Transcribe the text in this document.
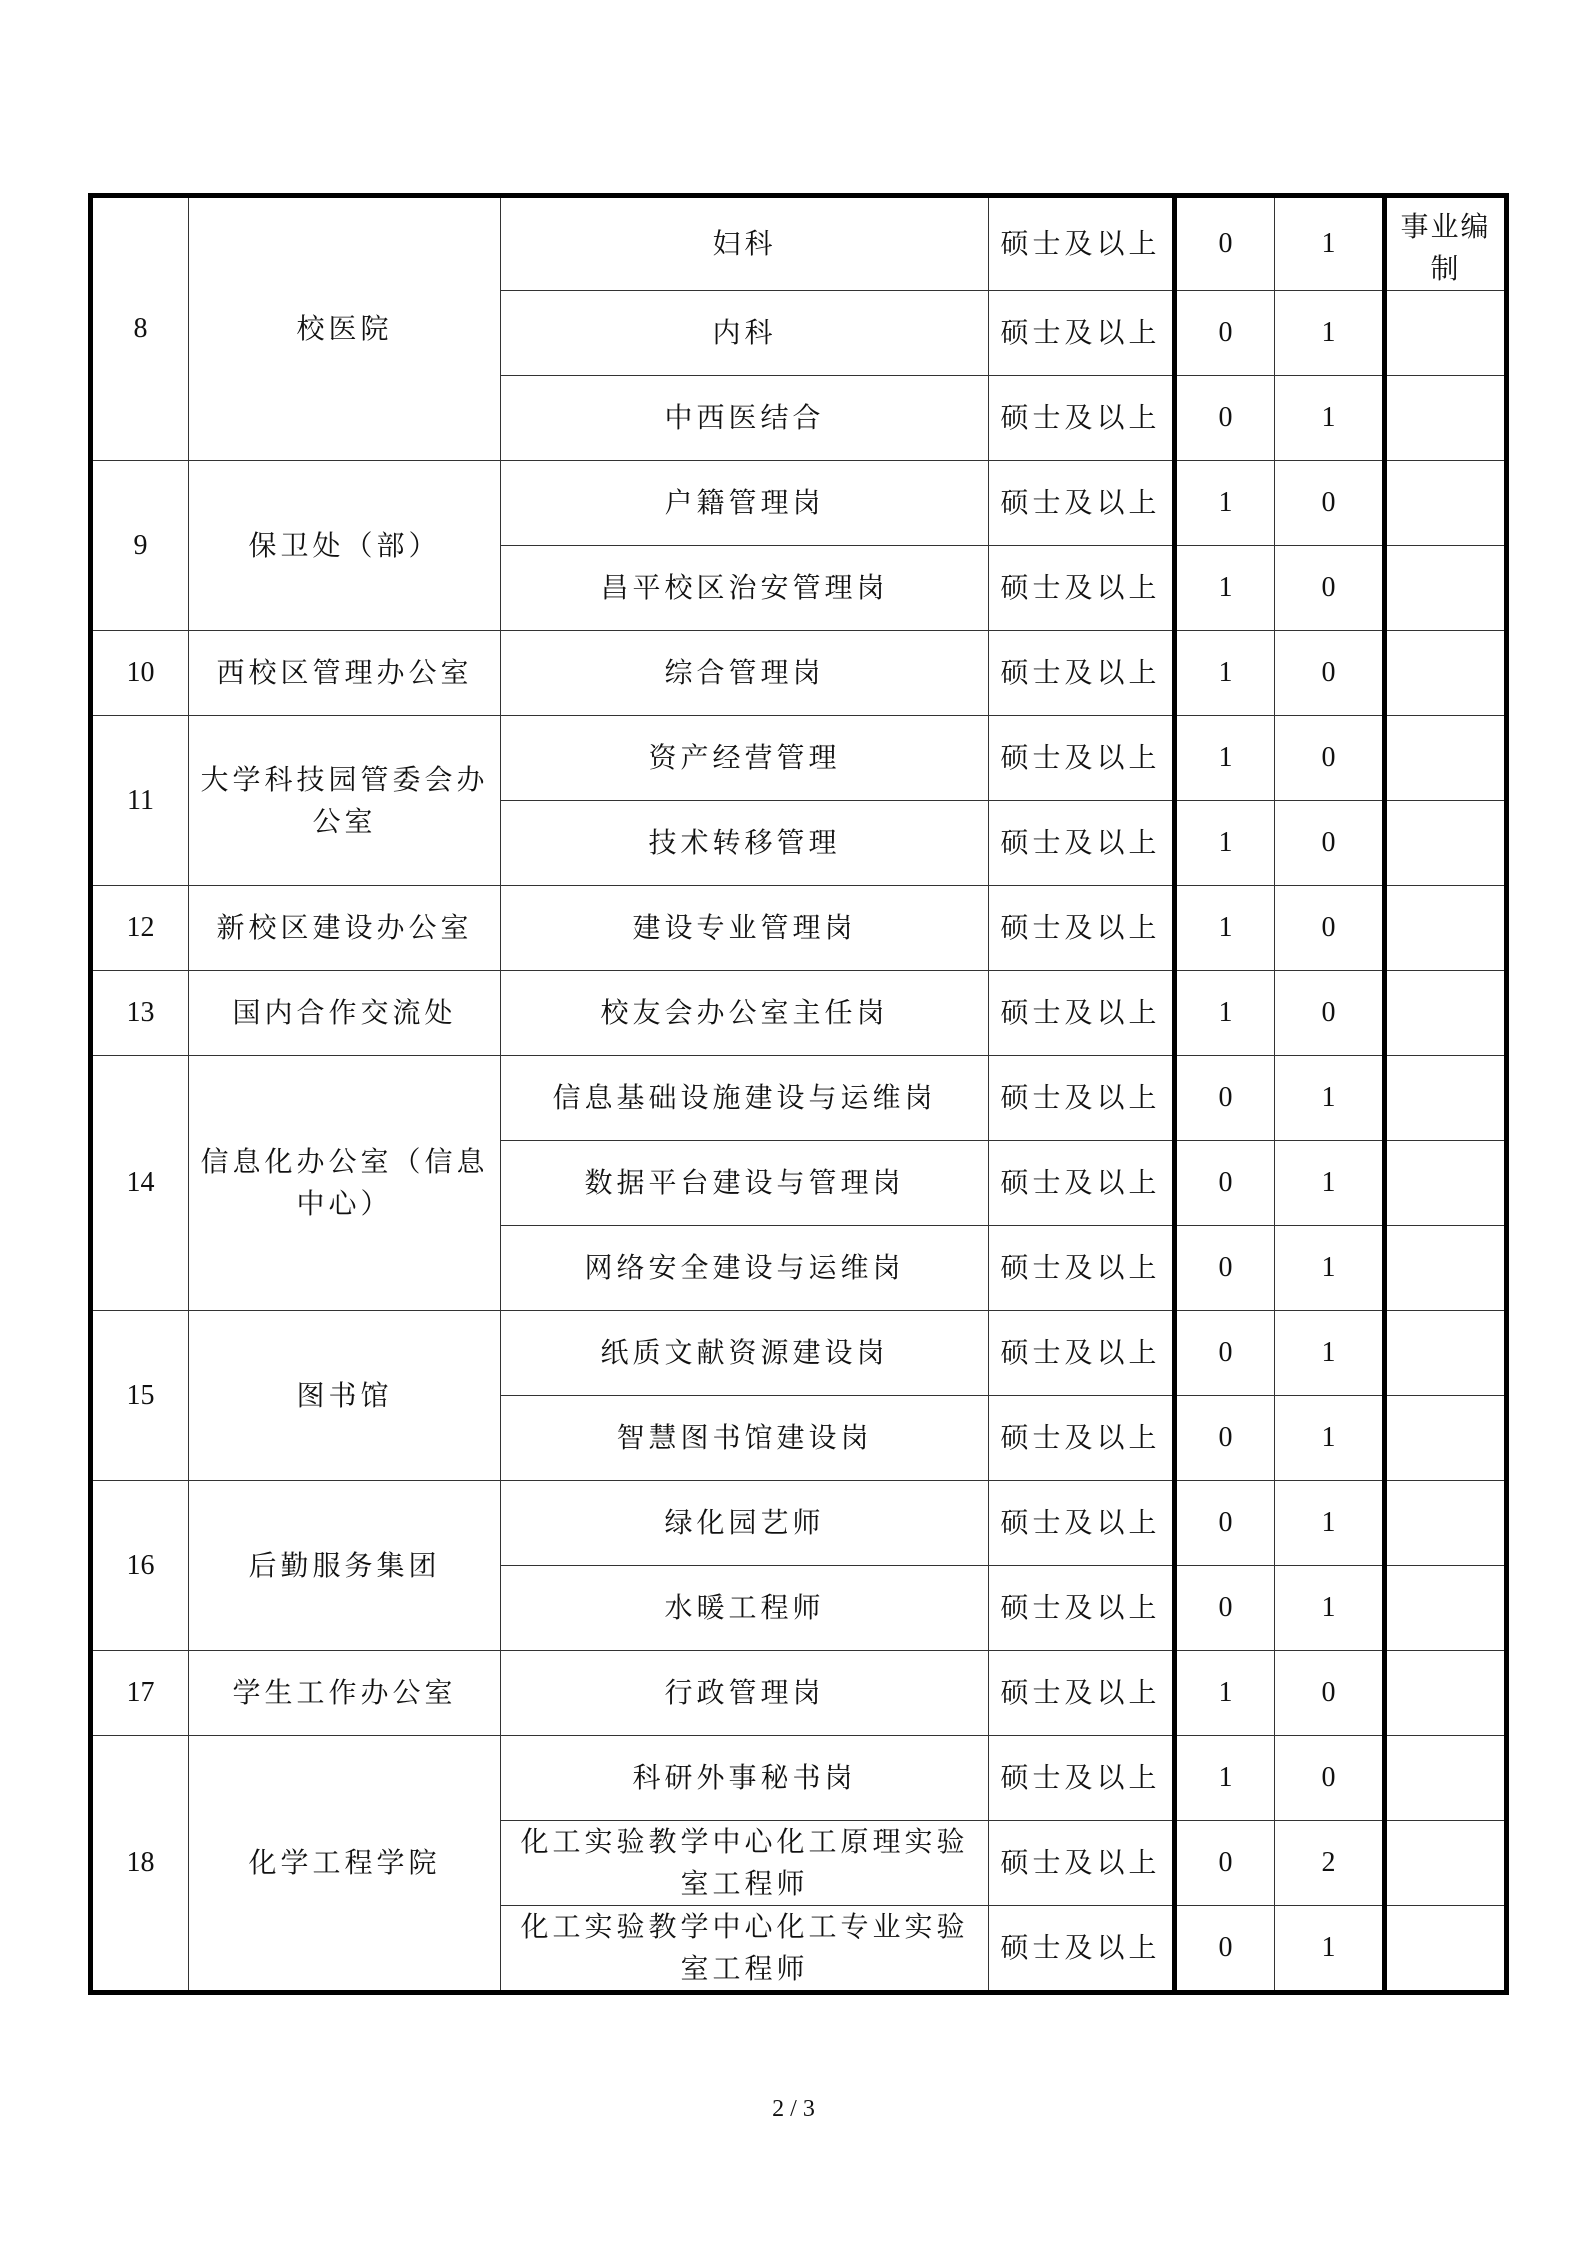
8	校医院	妇科	硕士及以上	0	1	事业编制
		内科	硕士及以上	0	1	
		中西医结合	硕士及以上	0	1	
9	保卫处（部）	户籍管理岗	硕士及以上	1	0	
		昌平校区治安管理岗	硕士及以上	1	0	
10	西校区管理办公室	综合管理岗	硕士及以上	1	0	
11	大学科技园管委会办公室	资产经营管理	硕士及以上	1	0	
		技术转移管理	硕士及以上	1	0	
12	新校区建设办公室	建设专业管理岗	硕士及以上	1	0	
13	国内合作交流处	校友会办公室主任岗	硕士及以上	1	0	
14	信息化办公室（信息中心）	信息基础设施建设与运维岗	硕士及以上	0	1	
		数据平台建设与管理岗	硕士及以上	0	1	
		网络安全建设与运维岗	硕士及以上	0	1	
15	图书馆	纸质文献资源建设岗	硕士及以上	0	1	
		智慧图书馆建设岗	硕士及以上	0	1	
16	后勤服务集团	绿化园艺师	硕士及以上	0	1	
		水暖工程师	硕士及以上	0	1	
17	学生工作办公室	行政管理岗	硕士及以上	1	0	
18	化学工程学院	科研外事秘书岗	硕士及以上	1	0	
		化工实验教学中心化工原理实验室工程师	硕士及以上	0	2	
		化工实验教学中心化工专业实验室工程师	硕士及以上	0	1	
2 / 3
